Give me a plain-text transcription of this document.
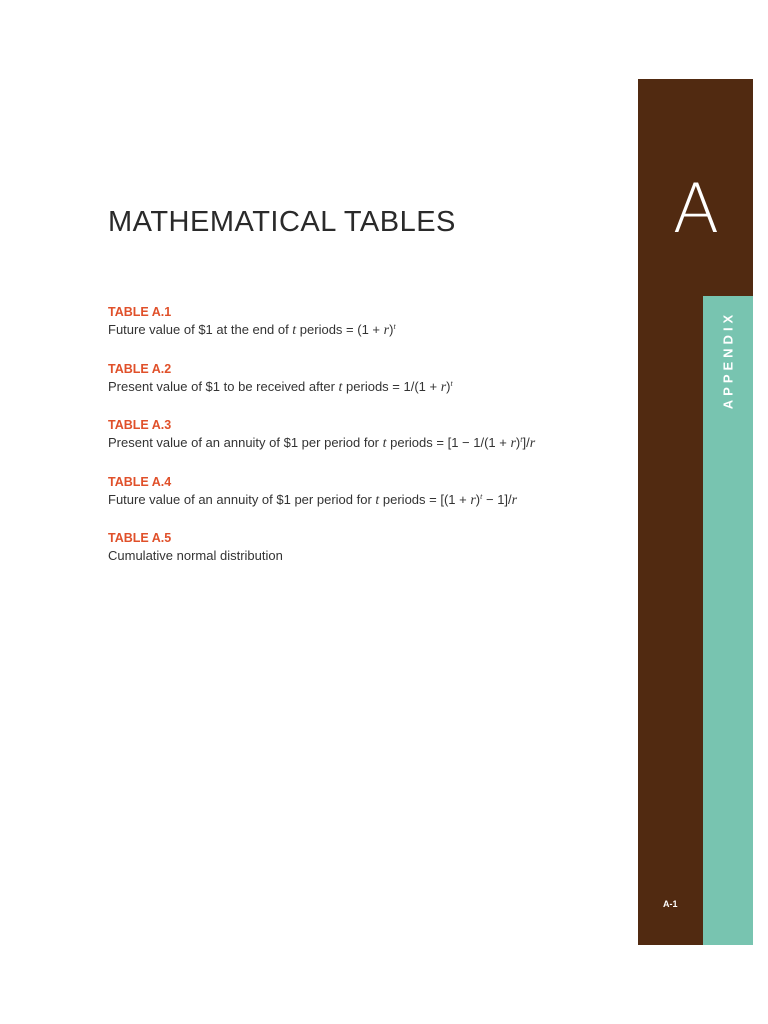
MATHEMATICAL TABLES
TABLE A.1
Future value of $1 at the end of t periods = $(1 + r)^t$
TABLE A.2
Present value of $1 to be received after t periods = $1/(1 + r)^t$
TABLE A.3
Present value of an annuity of $1 per period for t periods = $[1 - 1/(1 + r)^t]/r$
TABLE A.4
Future value of an annuity of $1 per period for t periods = $[(1 + r)^t - 1]/r$
TABLE A.5
Cumulative normal distribution
A
APPENDIX
A-1
